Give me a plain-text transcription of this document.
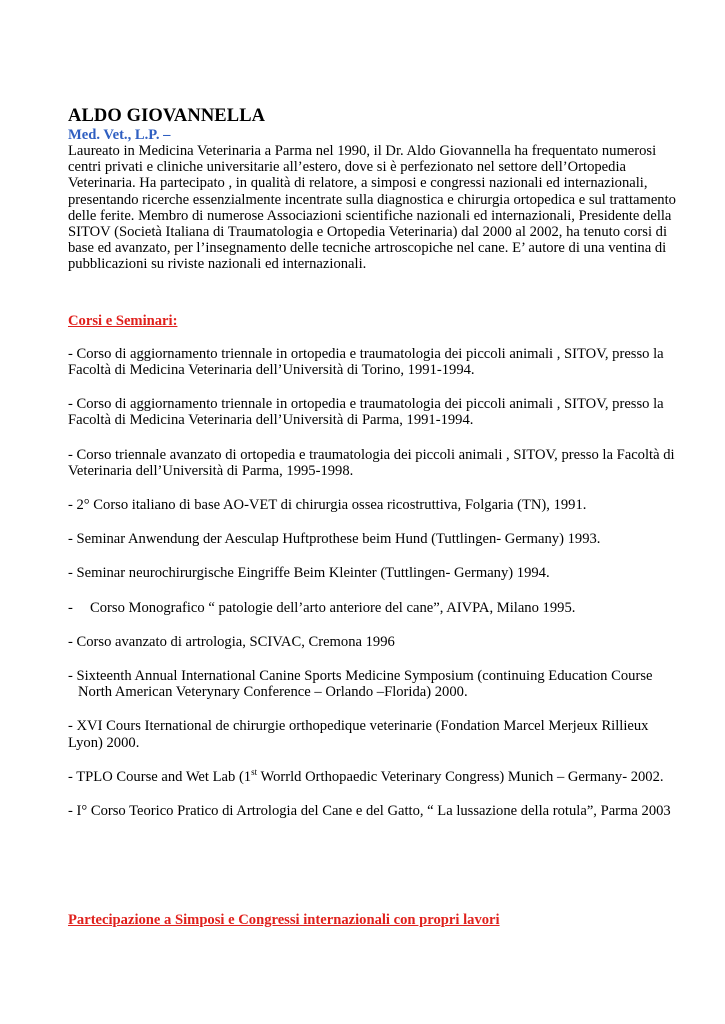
ALDO GIOVANNELLA

Med. Vet., L.P. –

Laureato in Medicina Veterinaria a Parma nel 1990, il Dr. Aldo Giovannella ha frequentato numerosi centri privati e cliniche universitarie all’estero, dove si è perfezionato nel settore dell’Ortopedia Veterinaria. Ha partecipato , in qualità di relatore, a simposi e congressi nazionali ed internazionali, presentando ricerche essenzialmente incentrate sulla diagnostica e chirurgia ortopedica e sul trattamento delle ferite. Membro di numerose Associazioni scientifiche nazionali ed internazionali, Presidente della SITOV (Società Italiana di Traumatologia e Ortopedia Veterinaria) dal 2000 al 2002, ha tenuto corsi di base ed avanzato, per l’insegnamento delle tecniche artroscopiche nel cane. E’ autore di una ventina di pubblicazioni su riviste nazionali ed internazionali.

Corsi e Seminari:

- Corso di aggiornamento triennale in ortopedia e traumatologia dei piccoli animali , SITOV, presso la Facoltà di Medicina Veterinaria dell’Università di Torino, 1991-1994.
- Corso di aggiornamento triennale in ortopedia e traumatologia dei piccoli animali , SITOV, presso la Facoltà di Medicina Veterinaria dell’Università di Parma, 1991-1994.
- Corso triennale avanzato di ortopedia e traumatologia dei piccoli animali , SITOV, presso la Facoltà di Veterinaria dell’Università di Parma, 1995-1998.
- 2° Corso italiano di base AO-VET di chirurgia ossea ricostruttiva, Folgaria (TN), 1991.
- Seminar Anwendung der Aesculap Huftprothese beim Hund (Tuttlingen- Germany) 1993.
- Seminar neurochirurgische Eingriffe Beim Kleinter (Tuttlingen- Germany) 1994.
- Corso Monografico “ patologie dell’arto anteriore del cane”, AIVPA, Milano 1995.
- Corso avanzato di artrologia, SCIVAC, Cremona 1996
- Sixteenth Annual International Canine Sports Medicine Symposium (continuing Education Course
North American Veterynary Conference – Orlando –Florida) 2000.
- XVI Cours Iternational de chirurgie orthopedique veterinarie (Fondation Marcel Merjeux Rillieux Lyon) 2000.
- TPLO Course and Wet Lab (1st Worrld Orthopaedic Veterinary Congress) Munich – Germany- 2002.
- I° Corso Teorico Pratico di Artrologia del Cane e del Gatto, “ La lussazione della rotula”, Parma 2003

Partecipazione a Simposi e Congressi internazionali con propri lavori
